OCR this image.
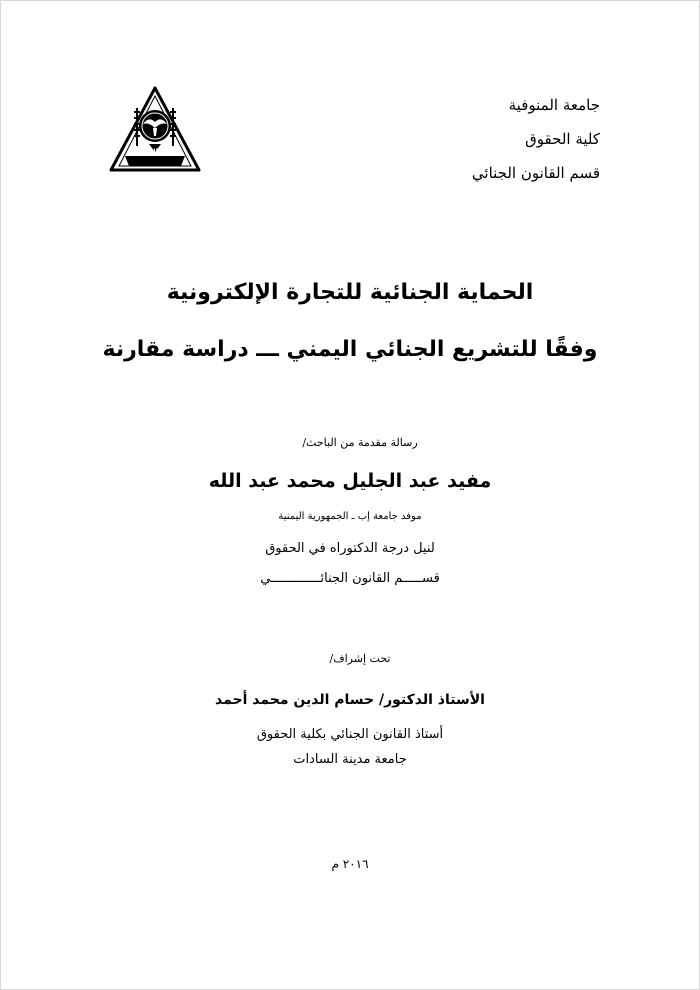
جامعة المنوفية
كلية الحقوق
قسم القانون الجنائي
جامعة المنوفية
الحماية الجنائية للتجارة الإلكترونية
وفقًا للتشريع الجنائي اليمني ـــ دراسة مقارنة
رسالة مقدمة من الباحث/
مفيد عبد الجليل محمد عبد الله
موفد جامعة إب ـ الجمهورية اليمنية
لنيل درجة الدكتوراه في الحقوق
قســـــم القانون الجنائـــــــــــــي
تحت إشراف/
الأستاذ الدكتور/ حسام الدين محمد أحمد
أستاذ القانون الجنائي بكلية الحقوق
جامعة مدينة السادات
٢٠١٦ م
